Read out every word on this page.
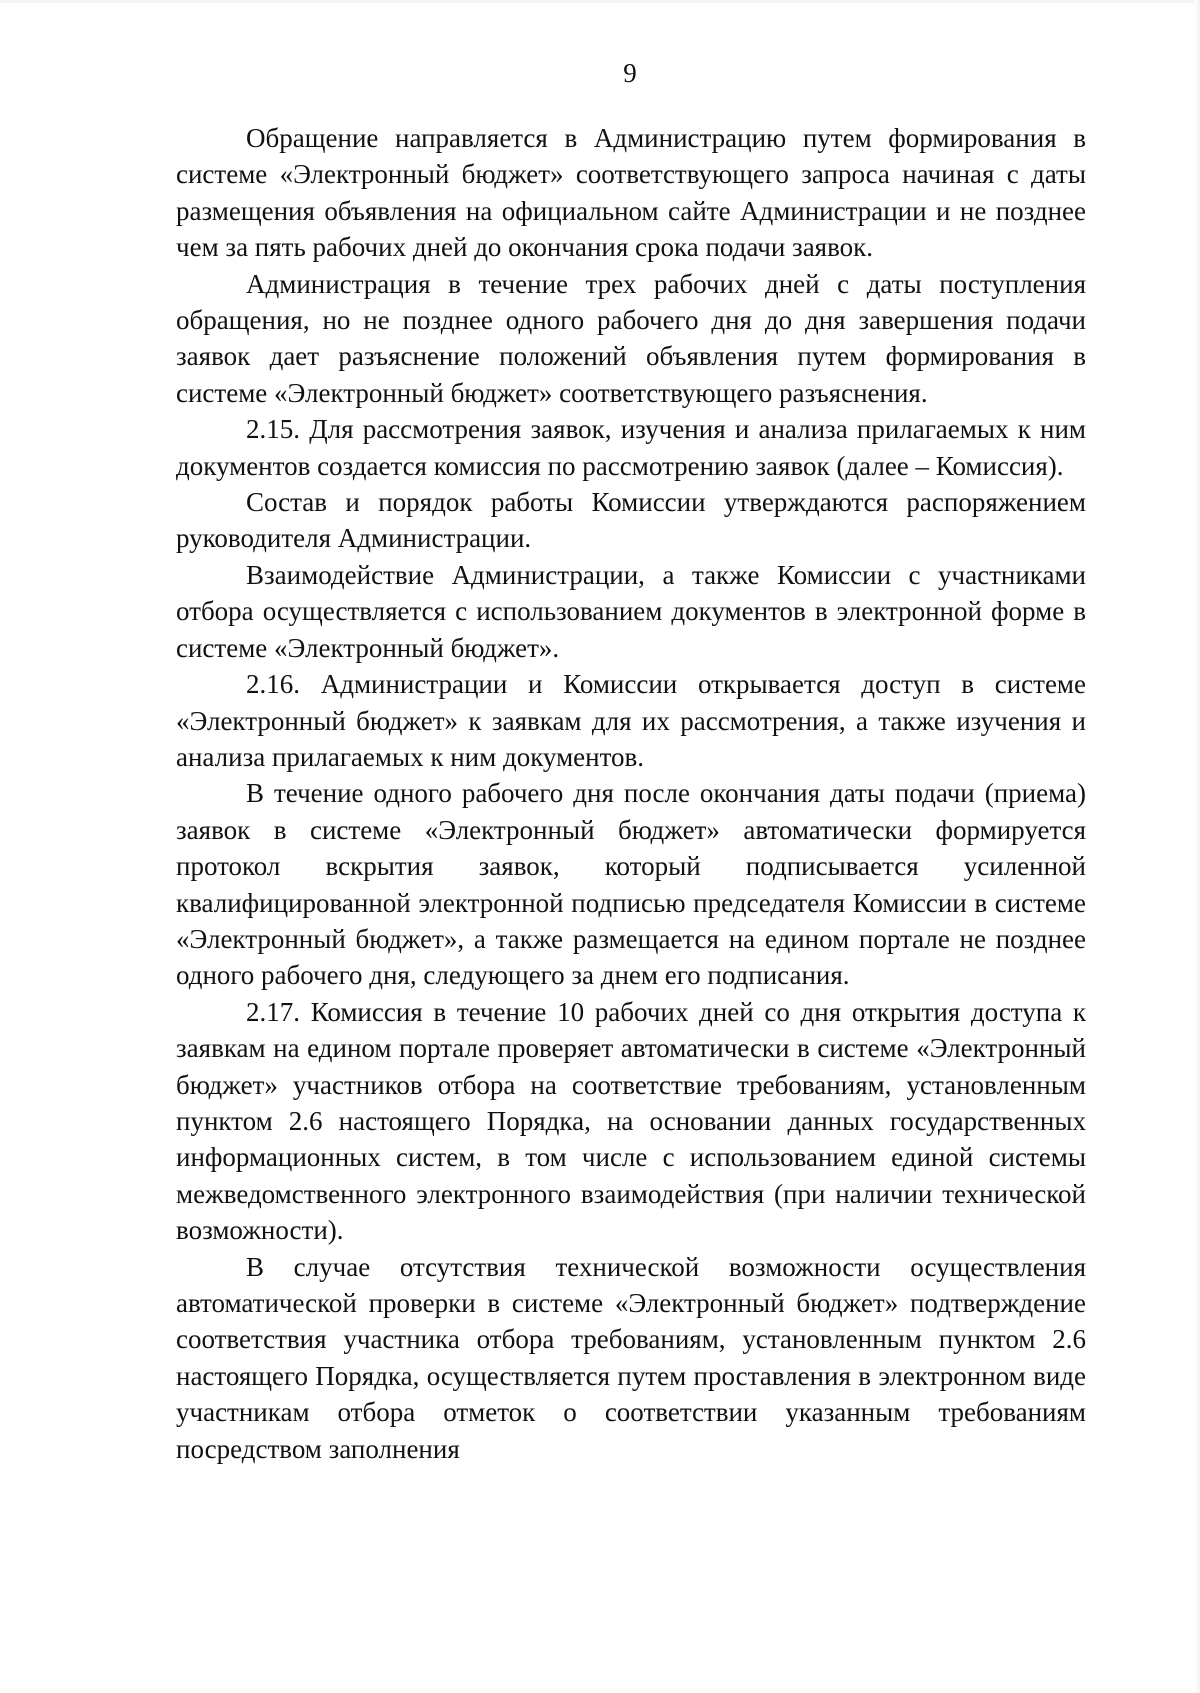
9

Обращение направляется в Администрацию путем формирования в системе «Электронный бюджет» соответствующего запроса начиная с даты размещения объявления на официальном сайте Администрации и не позднее чем за пять рабочих дней до окончания срока подачи заявок.

Администрация в течение трех рабочих дней с даты поступления обращения, но не позднее одного рабочего дня до дня завершения подачи заявок дает разъяснение положений объявления путем формирования в системе «Электронный бюджет» соответствующего разъяснения.

2.15. Для рассмотрения заявок, изучения и анализа прилагаемых к ним документов создается комиссия по рассмотрению заявок (далее – Комиссия).

Состав и порядок работы Комиссии утверждаются распоряжением руководителя Администрации.

Взаимодействие Администрации, а также Комиссии с участниками отбора осуществляется с использованием документов в электронной форме в системе «Электронный бюджет».

2.16. Администрации и Комиссии открывается доступ в системе «Электронный бюджет» к заявкам для их рассмотрения, а также изучения и анализа прилагаемых к ним документов.

В течение одного рабочего дня после окончания даты подачи (приема) заявок в системе «Электронный бюджет» автоматически формируется протокол вскрытия заявок, который подписывается усиленной квалифицированной электронной подписью председателя Комиссии в системе «Электронный бюджет», а также размещается на едином портале не позднее одного рабочего дня, следующего за днем его подписания.

2.17. Комиссия в течение 10 рабочих дней со дня открытия доступа к заявкам на едином портале проверяет автоматически в системе «Электронный бюджет» участников отбора на соответствие требованиям, установленным пунктом 2.6 настоящего Порядка, на основании данных государственных информационных систем, в том числе с использованием единой системы межведомственного электронного взаимодействия (при наличии технической возможности).

В случае отсутствия технической возможности осуществления автоматической проверки в системе «Электронный бюджет» подтверждение соответствия участника отбора требованиям, установленным пунктом 2.6 настоящего Порядка, осуществляется путем проставления в электронном виде участникам отбора отметок о соответствии указанным требованиям посредством заполнения
